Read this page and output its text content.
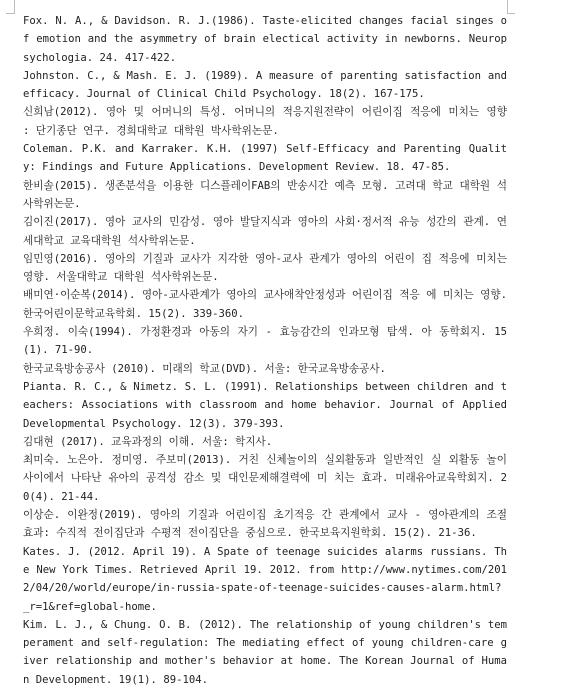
Fox. N. A., & Davidson. R. J.(1986). Taste-elicited changes facial singes of emotion and the asymmetry of brain electical activity in newborns. Neuropsychologia. 24. 417-422.

Johnston. C., & Mash. E. J. (1989). A measure of parenting satisfaction and efficacy. Journal of Clinical Child Psychology. 18(2). 167-175.

신희남(2012). 영아 및 어머니의 특성. 어머니의 적응지원전략이 어린이집 적응에 미치는 영향 : 단기종단 연구. 경희대학교 대학원 박사학위논문.

Coleman. P.K. and Karraker. K.H. (1997) Self-Efficacy and Parenting Quality: Findings and Future Applications. Development Review. 18. 47-85.

한비솔(2015). 생존분석을 이용한 디스플레이FAB의 반송시간 예측 모형. 고려대 학교 대학원 석사학위논문.

김이진(2017). 영아 교사의 민감성. 영아 발달지식과 영아의 사회·정서적 유능 성간의 관계. 연세대학교 교육대학원 석사학위논문.

임민영(2016). 영아의 기질과 교사가 지각한 영아-교사 관계가 영아의 어린이 집 적응에 미치는 영향. 서울대학교 대학원 석사학위논문.

배미연·이순복(2014). 영아-교사관계가 영아의 교사애착안정성과 어린이집 적응 에 미치는 영향. 한국어린이문학교육학회. 15(2). 339-360.

우희정. 이숙(1994). 가정환경과 아동의 자기 - 효능감간의 인과모형 탐색. 아 동학회지. 15(1). 71-90.

한국교육방송공사 (2010). 미래의 학교(DVD). 서울: 한국교육방송공사.

Pianta. R. C., & Nimetz. S. L. (1991). Relationships between children and teachers: Associations with classroom and home behavior. Journal of Applied Developmental Psychology. 12(3). 379-393.

김대현 (2017). 교육과정의 이해. 서울: 학지사.

최미숙. 노은아. 정미영. 주보미(2013). 거친 신체놀이의 실외활동과 일반적인 실 외활동 놀이 사이에서 나타난 유아의 공격성 감소 및 대인문제해결력에 미 치는 효과. 미래유아교육학회지. 20(4). 21-44.

이상순. 이완정(2019). 영아의 기질과 어린이집 초기적응 간 관계에서 교사 - 영아관계의 조절효과: 수직적 전이집단과 수평적 전이집단을 중심으로. 한국보육지원학회. 15(2). 21-36.

Kates. J. (2012. April 19). A Spate of teenage suicides alarms russians. The New York Times. Retrieved April 19. 2012. from http://www.nytimes.com/2012/04/20/world/europe/in-russia-spate-of-teenage-suicides-causes-alarm.html?_r=1&ref=global-home.

Kim. L. J., & Chung. O. B. (2012). The relationship of young children's temperament and self-regulation: The mediating effect of young children-care giver relationship and mother's behavior at home. The Korean Journal of Human Development. 19(1). 89-104.
